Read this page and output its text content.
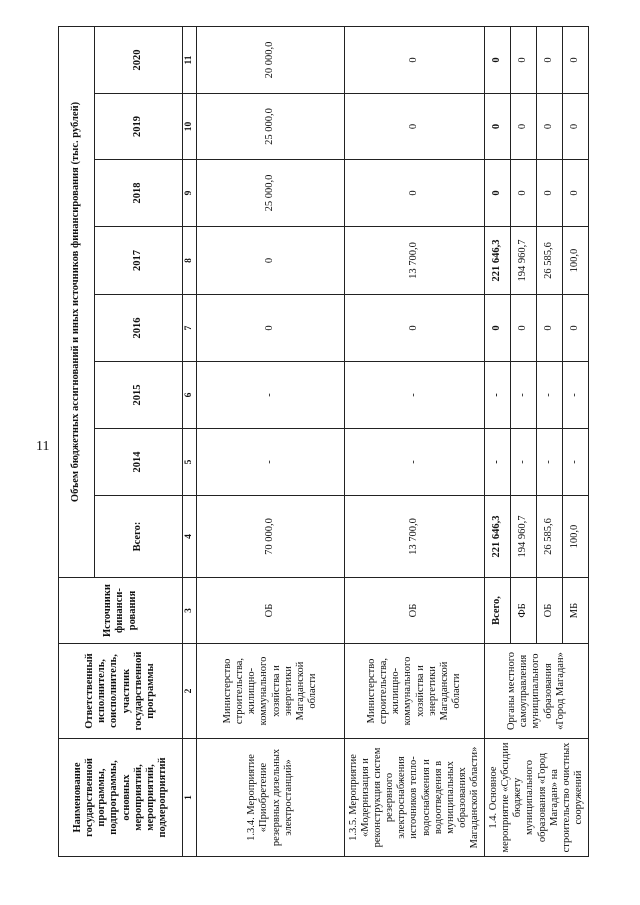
11
Наименование государственной программы, подпрограммы, основных мероприятий, мероприятий, подмероприятий	Ответственный исполнитель, соисполнитель, участник государственной программы	Источники финанси- рования	Объем бюджетных ассигнований и иных источников финансирования (тыс. рублей)							
			Всего:	2014	2015	2016	2017	2018	2019	2020
1	2	3	4	5	6	7	8	9	10	11
1.3.4. Мероприятие «Приобретение резервных дизельных электростанций»	Министерство строительства, жилищно- коммунального хозяйства и энергетики Магаданской области	ОБ	70 000,0	-	-	0	0	25 000,0	25 000,0	20 000,0
1.3.5. Мероприятие «Модернизация и реконструкция систем резервного электроснабжения источников тепло- водоснабжения и водоотведения в муниципальных образованиях Магаданской области»	Министерство строительства, жилищно- коммунального хозяйства и энергетики Магаданской области	ОБ	13 700,0	-	-	0	13 700,0	0	0	0
1.4. Основное мероприятие «Субсидии бюджету муниципального образования «Город Магадан» на строительство очистных сооружений	Органы местного самоуправления муниципального образования «Город Магадан»	Всего,	221 646,3	-	-	0	221 646,3	0	0	0
		ФБ	194 960,7	-	-	0	194 960,7	0	0	0
		ОБ	26 585,6	-	-	0	26 585,6	0	0	0
		МБ	100,0	-	-	0	100,0	0	0	0
